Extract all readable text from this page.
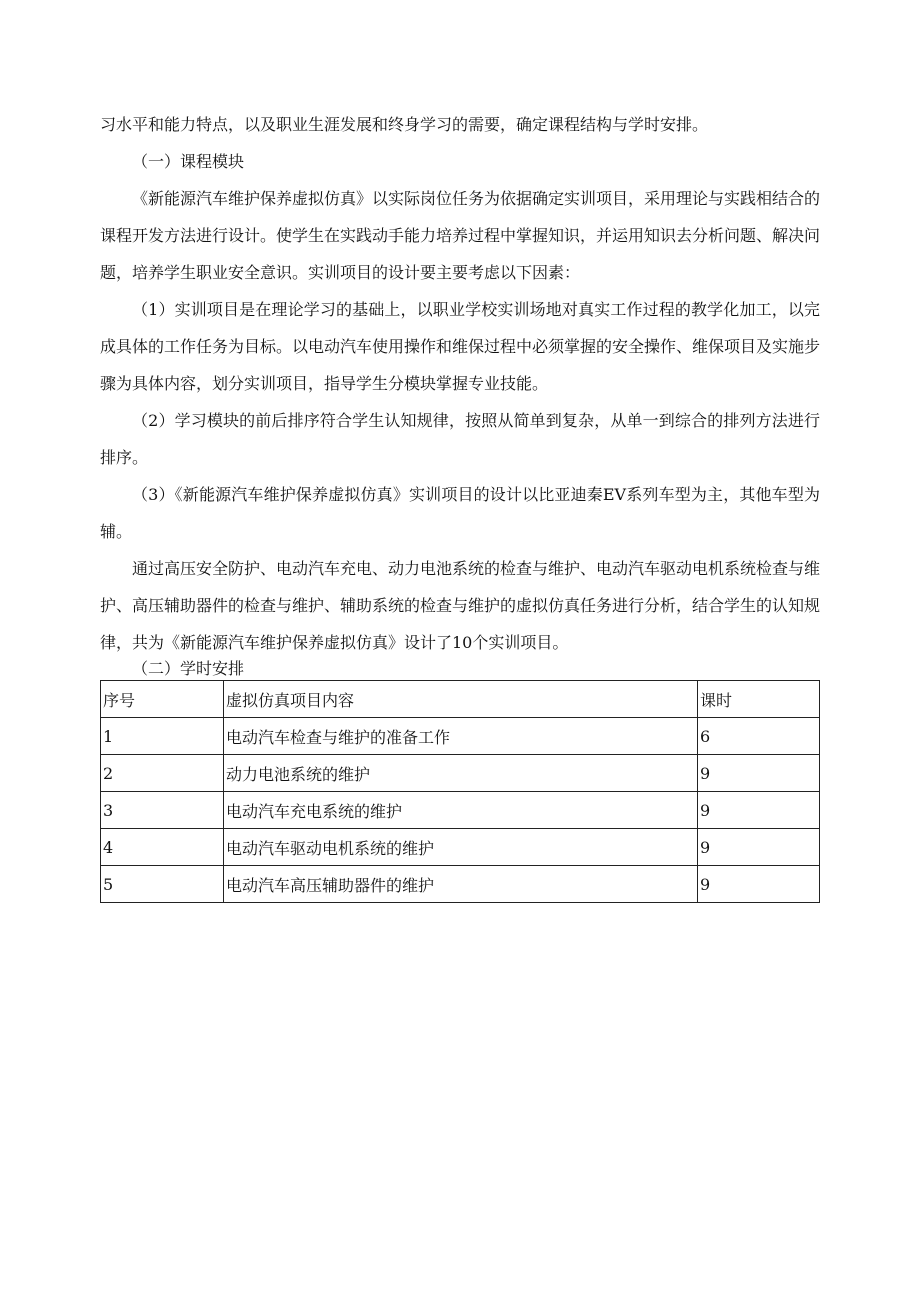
习水平和能力特点，以及职业生涯发展和终身学习的需要，确定课程结构与学时安排。

（一）课程模块

《新能源汽车维护保养虚拟仿真》以实际岗位任务为依据确定实训项目，采用理论与实践相结合的课程开发方法进行设计。使学生在实践动手能力培养过程中掌握知识，并运用知识去分析问题、解决问题，培养学生职业安全意识。实训项目的设计要主要考虑以下因素：

（1）实训项目是在理论学习的基础上，以职业学校实训场地对真实工作过程的教学化加工，以完成具体的工作任务为目标。以电动汽车使用操作和维保过程中必须掌握的安全操作、维保项目及实施步骤为具体内容，划分实训项目，指导学生分模块掌握专业技能。

（2）学习模块的前后排序符合学生认知规律，按照从简单到复杂，从单一到综合的排列方法进行排序。

（3）《新能源汽车维护保养虚拟仿真》实训项目的设计以比亚迪秦EV系列车型为主，其他车型为辅。

通过高压安全防护、电动汽车充电、动力电池系统的检查与维护、电动汽车驱动电机系统检查与维护、高压辅助器件的检查与维护、辅助系统的检查与维护的虚拟仿真任务进行分析，结合学生的认知规律，共为《新能源汽车维护保养虚拟仿真》设计了10个实训项目。

（二）学时安排

序号	虚拟仿真项目内容	课时
1	电动汽车检查与维护的准备工作	6
2	动力电池系统的维护	9
3	电动汽车充电系统的维护	9
4	电动汽车驱动电机系统的维护	9
5	电动汽车高压辅助器件的维护	9
